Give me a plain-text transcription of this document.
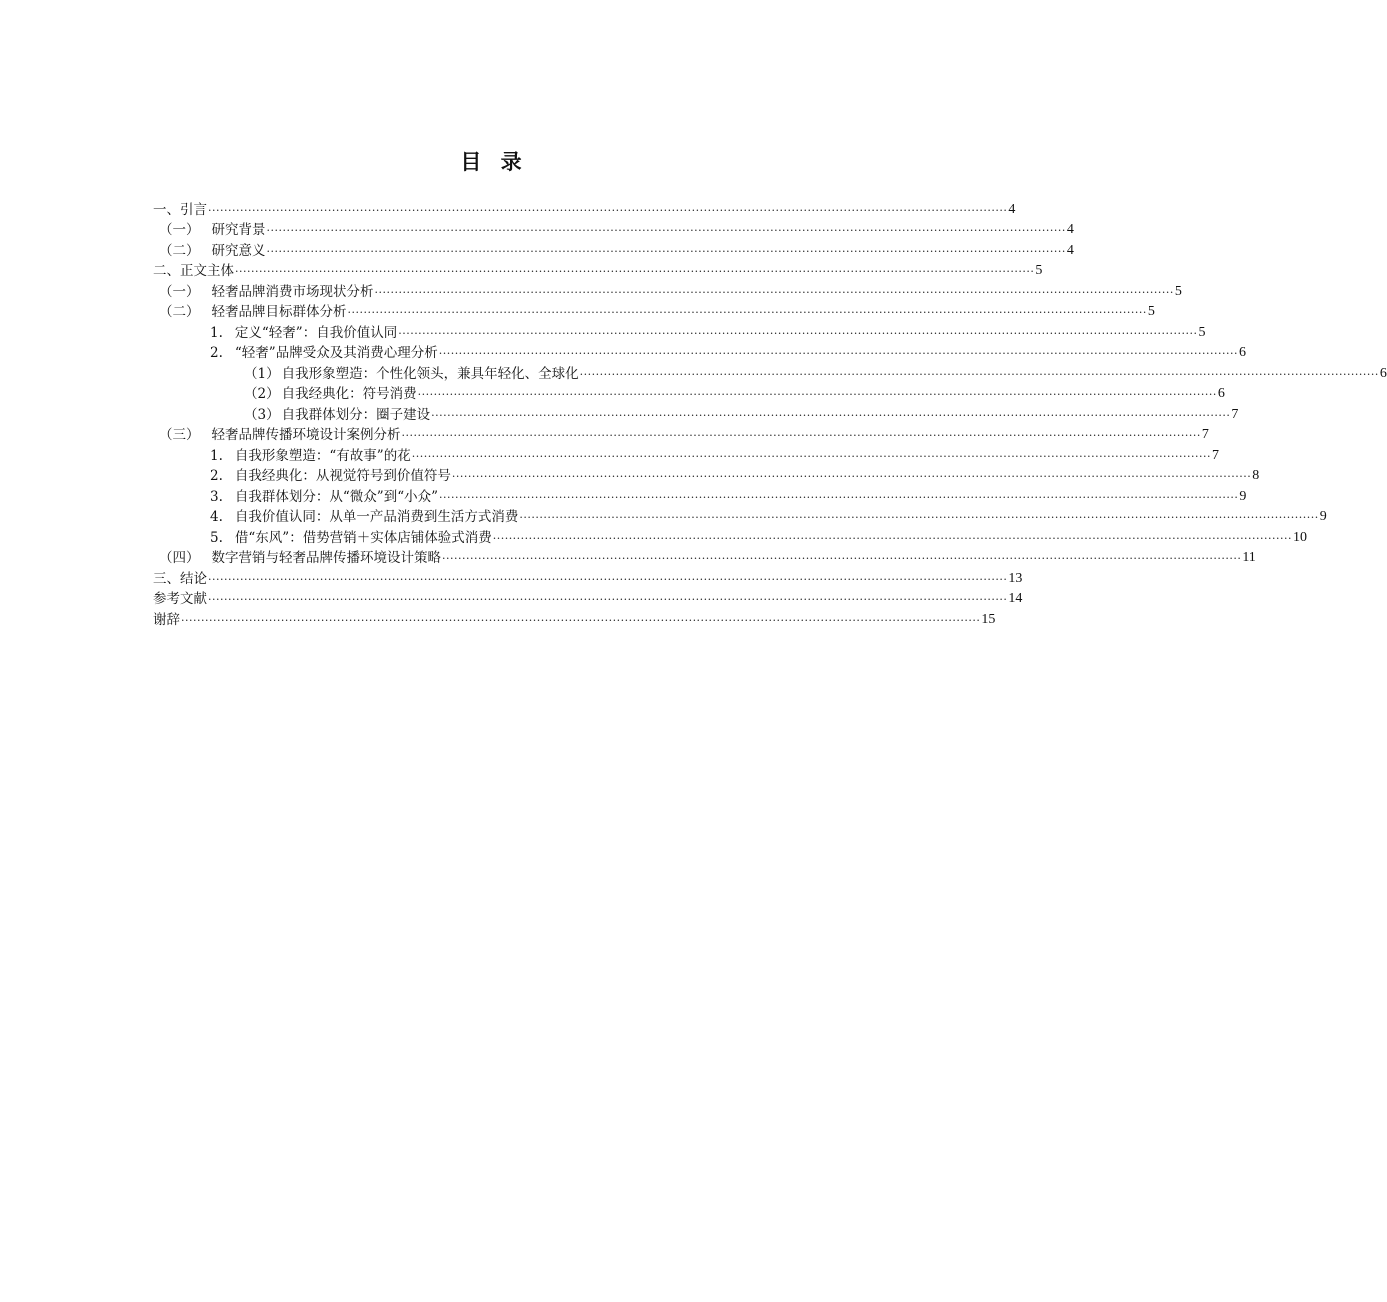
目 录
一、引言 ········································································································································································································ 4
（一） 研究背景 ········································································································································································································ 4
（二） 研究意义 ········································································································································································································ 4
二、正文主体 ········································································································································································································ 5
（一） 轻奢品牌消费市场现状分析 ········································································································································································································ 5
（二） 轻奢品牌目标群体分析 ········································································································································································································ 5
1. 定义“轻奢”：自我价值认同 ········································································································································································································ 5
2. “轻奢”品牌受众及其消费心理分析 ········································································································································································································ 6
（1） 自我形象塑造：个性化领头，兼具年轻化、全球化 ········································································································································································································ 6
（2） 自我经典化：符号消费 ········································································································································································································ 6
（3） 自我群体划分：圈子建设 ········································································································································································································ 7
（三） 轻奢品牌传播环境设计案例分析 ········································································································································································································ 7
1. 自我形象塑造：“有故事”的花 ········································································································································································································ 7
2. 自我经典化：从视觉符号到价值符号 ········································································································································································································ 8
3. 自我群体划分：从“微众”到“小众” ········································································································································································································ 9
4. 自我价值认同：从单一产品消费到生活方式消费 ········································································································································································································ 9
5. 借“东风”：借势营销＋实体店铺体验式消费 ········································································································································································································ 10
（四） 数字营销与轻奢品牌传播环境设计策略 ········································································································································································································ 11
三、结论 ········································································································································································································ 13
参考文献 ········································································································································································································ 14
谢辞 ········································································································································································································ 15
